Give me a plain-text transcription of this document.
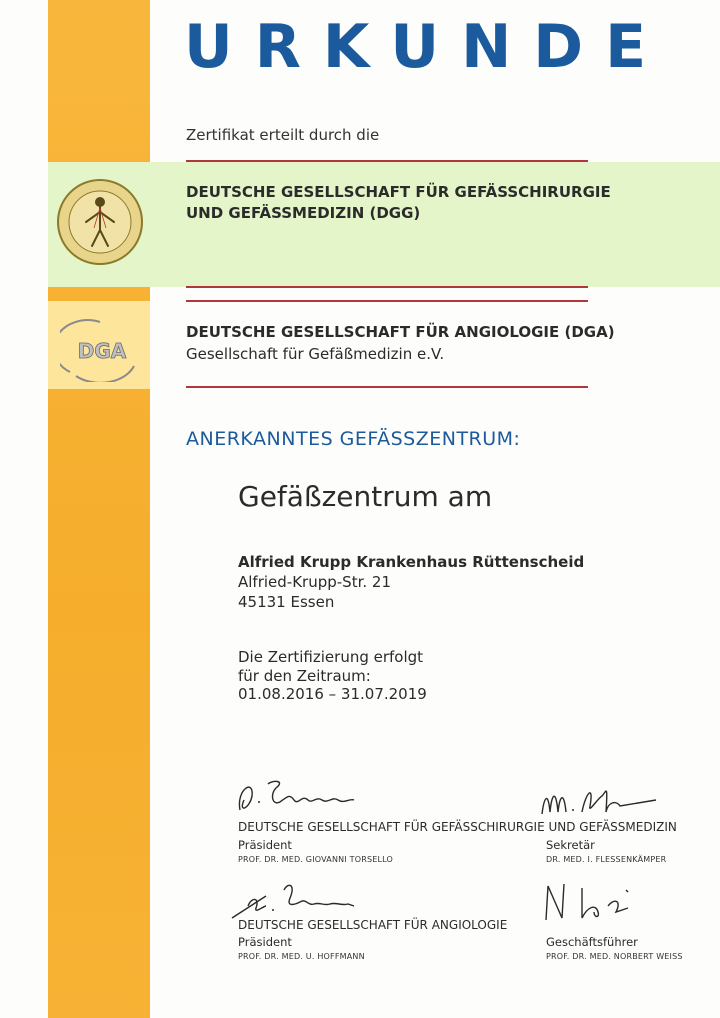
URKUNDE
Zertifikat erteilt durch die
DEUTSCHE GESELLSCHAFT FÜR GEFÄSSCHIRURGIE
UND GEFÄSSMEDIZIN (DGG)
DGA
DEUTSCHE GESELLSCHAFT FÜR ANGIOLOGIE (DGA)
Gesellschaft für Gefäßmedizin e.V.
ANERKANNTES GEFÄSSZENTRUM:
Gefäßzentrum am
Alfried Krupp Krankenhaus Rüttenscheid
Alfried-Krupp-Str. 21
45131 Essen
Die Zertifizierung erfolgt
für den Zeitraum:
01.08.2016 – 31.07.2019
DEUTSCHE GESELLSCHAFT FÜR GEFÄSSCHIRURGIE UND GEFÄSSMEDIZIN
Präsident
PROF. DR. MED. GIOVANNI TORSELLO
Sekretär
DR. MED. I. FLESSENKÄMPER
DEUTSCHE GESELLSCHAFT FÜR ANGIOLOGIE
Präsident
PROF. DR. MED. U. HOFFMANN
Geschäftsführer
PROF. DR. MED. NORBERT WEISS
